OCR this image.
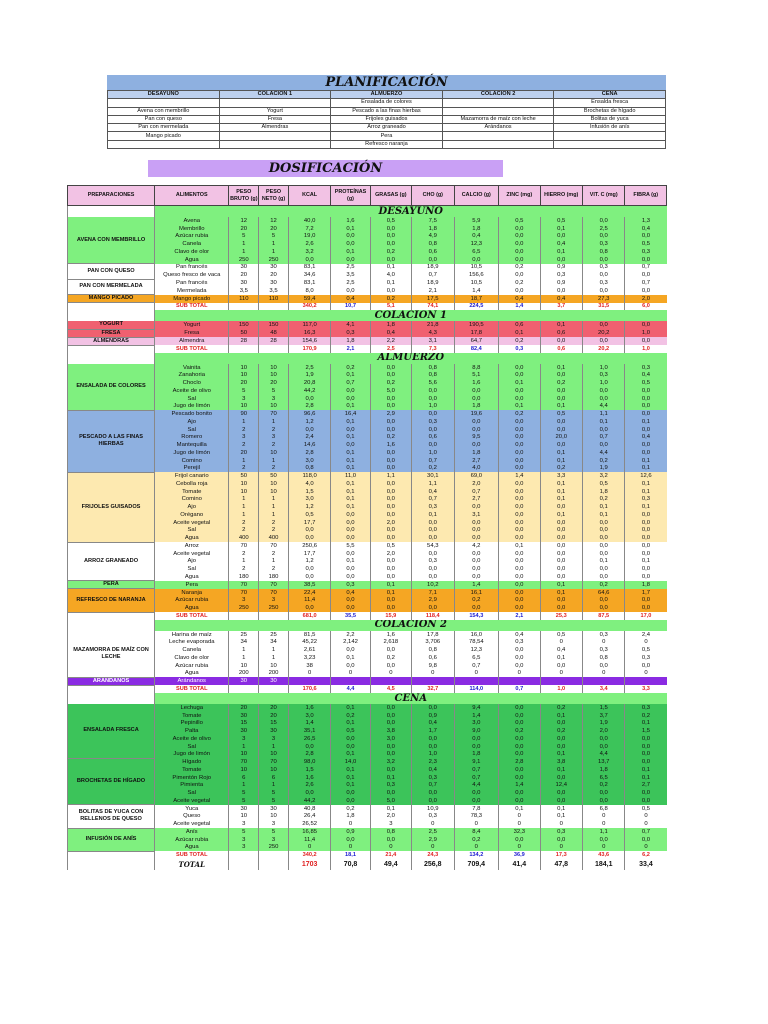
PLANIFICACIÓN
DESAYUNO	COLACIÓN 1	ALMUERZO	COLACIÓN 2	CENA
		Ensalada de colores		Ensalda fresca
Avena con membrillo	Yogurt	Pescado a las finas hierbas		Brochetas de hígado
Pan con queso	Fresa	Frijoles guisados	Mazamorra de maíz con leche	Bolitas de yuca
Pan con mermelada	Almendras	Arroz graneado	Arándanos	Infusión de anís
Mango picado		Pera		
		Refresco naranja		
DOSIFICACIÓN
PREPARACIONES	ALIMENTOS	PESO BRUTO (g)	PESO NETO (g)	KCAL	PROTEÍNAS (g)	GRASAS (g)	CHO (g)	CALCIO (g)	ZINC (mg)	HIERRO (mg)	VIT. C (mg)	FIBRA (g)
	DESAYUNO											
AVENA CON MEMBRILLO	Avena	12	12	40,0	1,6	0,5	7,5	5,9	0,5	0,5	0,0	1,3
	Membrillo	20	20	7,2	0,1	0,0	1,8	1,8	0,0	0,1	2,5	0,4
	Azúcar rubia	5	5	19,0	0,0	0,0	4,9	0,4	0,0	0,0	0,0	0,0
	Canela	1	1	2,6	0,0	0,0	0,8	12,3	0,0	0,4	0,3	0,5
	Clavo de olor	1	1	3,2	0,1	0,2	0,6	6,5	0,0	0,1	0,8	0,3
	Agua	250	250	0,0	0,0	0,0	0,0	0,0	0,0	0,0	0,0	0,0
PAN CON QUESO	Pan francés	30	30	83,1	2,5	0,1	18,9	10,5	0,2	0,9	0,3	0,7
	Queso fresco de vaca	20	20	34,6	3,5	4,0	0,7	156,6	0,0	0,3	0,0	0,0
PAN CON MERMELADA	Pan francés	30	30	83,1	2,5	0,1	18,9	10,5	0,2	0,9	0,3	0,7
	Mermelada	3,5	3,5	8,0	0,0	0,0	2,1	1,4	0,0	0,0	0,0	0,0
MANGO PICADO	Mango picado	110	110	59,4	0,4	0,2	17,5	18,7	0,4	0,4	27,3	2,0
	SUB TOTAL			340,2	10,7	5,1	74,1	224,5	1,4	3,7	31,5	6,0
	COLACIÓN 1											
YOGURT	Yogurt	150	150	117,0	4,1	1,8	21,8	190,5	0,6	0,1	0,0	0,0
FRESA	Fresa	50	48	16,3	0,3	0,4	4,3	17,8	0,1	0,6	20,2	1,0
ALMENDRAS	Almendra	28	28	154,6	1,8	2,2	3,1	64,7	0,2	0,0	0,0	0,0
	SUB TOTAL			170,9	2,1	2,5	7,3	82,4	0,3	0,6	20,2	1,0
	ALMUERZO											
ENSALADA DE COLORES	Vainita	10	10	2,5	0,2	0,0	0,8	8,8	0,0	0,1	1,0	0,3
	Zanahoria	10	10	1,9	0,1	0,0	0,8	5,1	0,0	0,0	0,3	0,4
	Choclo	20	20	20,8	0,7	0,2	5,6	1,6	0,1	0,2	1,0	0,5
	Aceite de olivo	5	5	44,2	0,0	5,0	0,0	0,0	0,0	0,0	0,0	0,0
	Sal	3	3	0,0	0,0	0,0	0,0	0,0	0,0	0,0	0,0	0,0
	Jugo de limón	10	10	2,8	0,1	0,0	1,0	1,8	0,1	0,1	4,4	0,0
PESCADO A LAS FINAS HIERBAS	Pescado bonito	90	70	96,6	16,4	2,9	0,0	19,6	0,2	0,5	1,1	0,0
	Ajo	1	1	1,2	0,1	0,0	0,3	0,0	0,0	0,0	0,1	0,1
	Sal	2	2	0,0	0,0	0,0	0,0	0,0	0,0	0,0	0,0	0,0
	Romero	3	3	2,4	0,1	0,2	0,6	9,5	0,0	20,0	0,7	0,4
	Mantequilla	2	2	14,6	0,0	1,6	0,0	0,0	0,0	0,0	0,0	0,0
	Jugo de limón	20	10	2,8	0,1	0,0	1,0	1,8	0,0	0,1	4,4	0,0
	Comino	1	1	3,0	0,1	0,0	0,7	2,7	0,0	0,1	0,2	0,1
	Perejil	2	2	0,8	0,1	0,0	0,2	4,0	0,0	0,2	1,9	0,1
FRIJOLES GUISADOS	Frijol canario	50	50	118,0	11,0	1,1	30,1	69,0	1,4	3,3	3,2	12,6
	Cebolla roja	10	10	4,0	0,1	0,0	1,1	2,0	0,0	0,1	0,5	0,1
	Tomate	10	10	1,5	0,1	0,0	0,4	0,7	0,0	0,1	1,8	0,1
	Comino	1	1	3,0	0,1	0,0	0,7	2,7	0,0	0,1	0,2	0,3
	Ajo	1	1	1,2	0,1	0,0	0,3	0,0	0,0	0,0	0,1	0,1
	Orégano	1	1	0,5	0,0	0,0	0,1	3,1	0,0	0,1	0,1	0,0
	Aceite vegetal	2	2	17,7	0,0	2,0	0,0	0,0	0,0	0,0	0,0	0,0
	Sal	2	2	0,0	0,0	0,0	0,0	0,0	0,0	0,0	0,0	0,0
	Agua	400	400	0,0	0,0	0,0	0,0	0,0	0,0	0,0	0,0	0,0
ARROZ GRANEADO	Arroz	70	70	250,6	5,5	0,5	54,3	4,2	0,1	0,0	0,0	0,0
	Aceite vegetal	2	2	17,7	0,0	2,0	0,0	0,0	0,0	0,0	0,0	0,0
	Ajo	1	1	1,2	0,1	0,0	0,3	0,0	0,0	0,0	0,1	0,1
	Sal	2	2	0,0	0,0	0,0	0,0	0,0	0,0	0,0	0,0	0,0
	Agua	180	180	0,0	0,0	0,0	0,0	0,0	0,0	0,0	0,0	0,0
PERA	Pera	70	70	38,5	0,3	0,1	10,2	1,4	0,0	0,1	0,2	1,8
REFRESCO DE NARANJA	Naranja	70	70	22,4	0,4	0,1	7,1	16,1	0,0	0,1	64,6	1,7
	Azúcar rubia	3	3	11,4	0,0	0,0	2,9	0,2	0,0	0,0	0,0	0,0
	Agua	250	250	0,0	0,0	0,0	0,0	0,0	0,0	0,0	0,0	0,0
	SUB TOTAL			681,0	35,5	15,9	118,4	154,3	2,1	25,3	87,5	17,0
	COLACIÓN 2											
MAZAMORRA DE MAÍZ CON LECHE	Harina de maíz	25	25	81,5	2,2	1,6	17,8	16,0	0,4	0,5	0,3	2,4
	Leche evaporada	34	34	45,22	2,142	2,618	3,706	78,54	0,3	0	0	0
	Canela	1	1	2,61	0,0	0,0	0,8	12,3	0,0	0,4	0,3	0,5
	Clavo de olor	1	1	3,23	0,1	0,2	0,6	6,5	0,0	0,1	0,8	0,3
	Azúcar rubia	10	10	38	0,0	0,0	9,8	0,7	0,0	0,0	0,0	0,0
	Agua	200	200	0	0	0	0	0	0	0	0	0
ARÁNDANOS	Arándanos	30	30									
	SUB TOTAL			170,6	4,4	4,5	32,7	114,0	0,7	1,0	3,4	3,3
	CENA											
ENSALADA FRESCA	Lechuga	20	20	1,6	0,1	0,0	0,0	9,4	0,0	0,2	1,5	0,3
	Tomate	30	20	3,0	0,2	0,0	0,9	1,4	0,0	0,1	3,7	0,2
	Pepinillo	15	15	1,4	0,1	0,0	0,4	3,0	0,0	0,0	1,9	0,1
	Palta	30	30	35,1	0,5	3,8	1,7	9,0	0,2	0,2	2,0	1,5
	Aceite de olivo	3	3	26,5	0,0	3,0	0,0	0,0	0,0	0,0	0,0	0,0
	Sal	1	1	0,0	0,0	0,0	0,0	0,0	0,0	0,0	0,0	0,0
	Jugo de limón	10	10	2,8	0,1	0,0	1,0	1,8	0,0	0,1	4,4	0,0
BROCHETAS DE HÍGADO	Hígado	70	70	98,0	14,0	3,2	2,3	9,1	2,8	3,8	13,7	0,0
	Tomate	10	10	1,5	0,1	0,0	0,4	0,7	0,0	0,1	1,8	0,1
	Pimentón Rojo	6	6	1,6	0,1	0,1	0,3	0,7	0,0	0,0	6,5	0,1
	Pimienta	1	1	2,6	0,1	0,3	0,7	4,4	1,4	12,4	0,2	2,7
	Sal	5	5	0,0	0,0	0,0	0,0	0,0	0,0	0,0	0,0	0,0
	Aceite vegetal	5	5	44,2	0,0	5,0	0,0	0,0	0,0	0,0	0,0	0,0
BOLITAS DE YUCA CON RELLENOS DE QUESO	Yuca	30	30	40,8	0,2	0,1	10,9	7,8	0,1	0,1	6,8	0,5
	Queso	10	10	26,4	1,8	2,0	0,3	78,3	0	0,1	0	0
	Aceite vegetal	3	3	26,52	0	3	0	0	0	0	0	0
INFUSIÓN DE ANÍS	Anís	5	5	16,85	0,9	0,8	2,5	8,4	32,3	0,3	1,1	0,7
	Azúcar rubia	3	3	11,4	0,0	0,0	2,9	0,2	0,0	0,0	0,0	0,0
	Agua	3	250	0	0	0	0	0	0	0	0	0
	SUB TOTAL			340,2	18,1	21,4	24,3	134,2	36,9	17,3	43,6	6,2
	TOTAL			1703	70,8	49,4	256,8	709,4	41,4	47,8	184,1	33,4
